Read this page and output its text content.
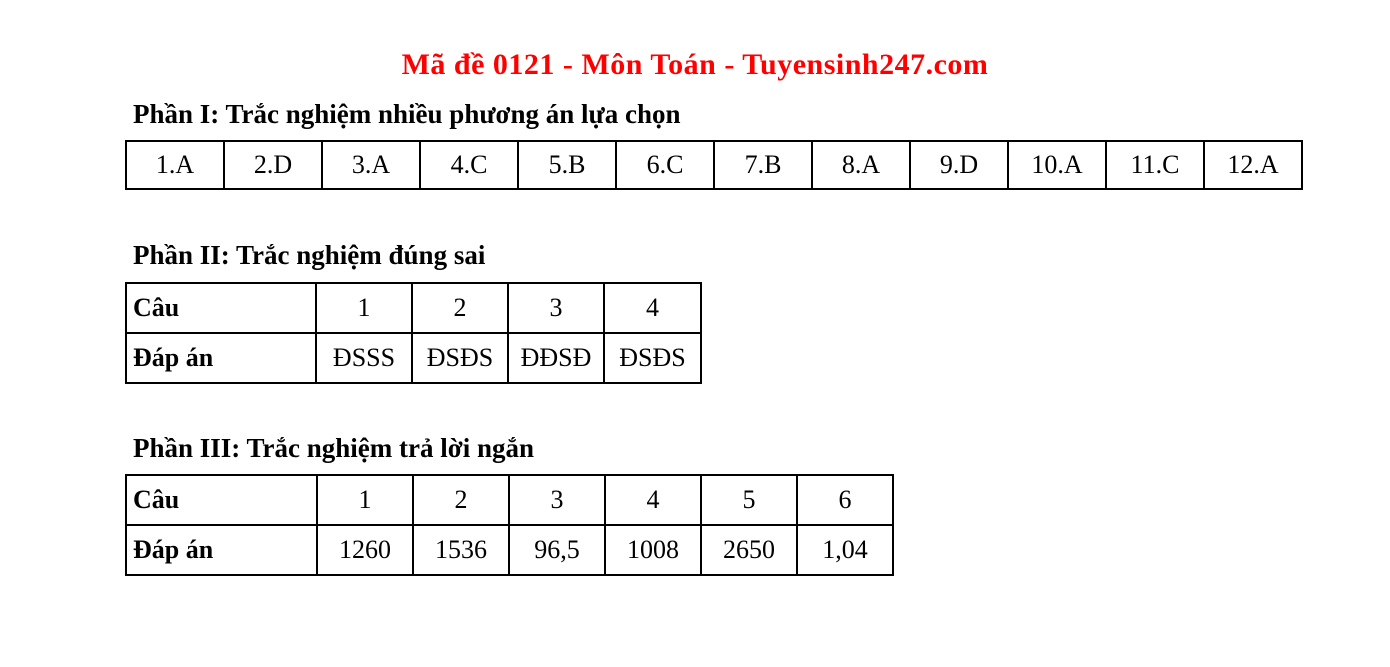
Mã đề 0121 - Môn Toán - Tuyensinh247.com
Phần I: Trắc nghiệm nhiều phương án lựa chọn
1.A	2.D	3.A	4.C	5.B	6.C	7.B	8.A	9.D	10.A	11.C	12.A
Phần II: Trắc nghiệm đúng sai
Câu	1	2	3	4
Đáp án	ĐSSS	ĐSĐS	ĐĐSĐ	ĐSĐS
Phần III: Trắc nghiệm trả lời ngắn
Câu	1	2	3	4	5	6
Đáp án	1260	1536	96,5	1008	2650	1,04
